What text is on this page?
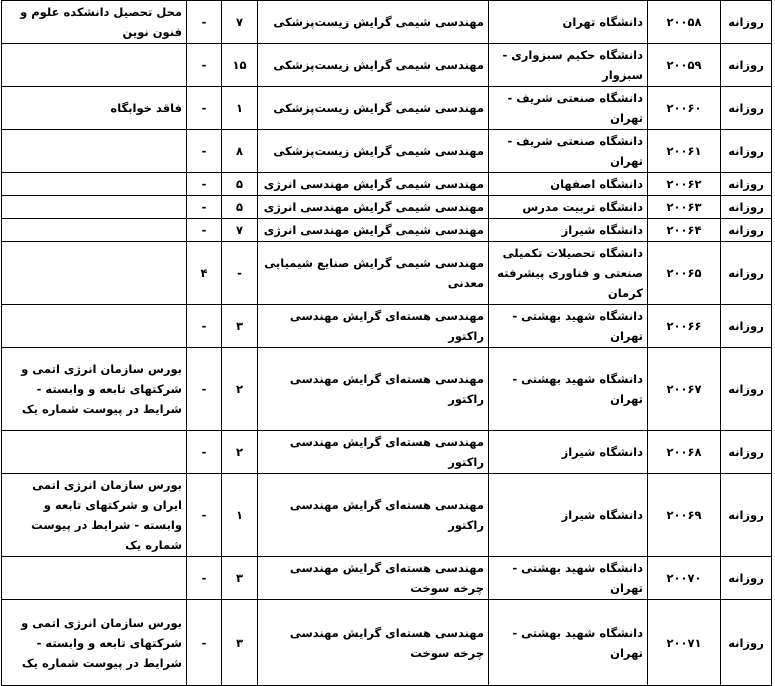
روزانه	۲۰۰۵۸	دانشگاه تهران	مهندسی شیمی گرایش زیست‌پزشکی	۷	-	محل تحصیل دانشکده علوم و فنون نوین
روزانه	۲۰۰۵۹	دانشگاه حکیم سبزواری - سبزوار	مهندسی شیمی گرایش زیست‌پزشکی	۱۵	-	
روزانه	۲۰۰۶۰	دانشگاه صنعتی شریف - تهران	مهندسی شیمی گرایش زیست‌پزشکی	۱	-	فاقد خوابگاه
روزانه	۲۰۰۶۱	دانشگاه صنعتی شریف - تهران	مهندسی شیمی گرایش زیست‌پزشکی	۸	-	
روزانه	۲۰۰۶۲	دانشگاه اصفهان	مهندسی شیمی گرایش مهندسی انرژی	۵	-	
روزانه	۲۰۰۶۳	دانشگاه تربیت مدرس	مهندسی شیمی گرایش مهندسی انرژی	۵	-	
روزانه	۲۰۰۶۴	دانشگاه شیراز	مهندسی شیمی گرایش مهندسی انرژی	۷	-	
روزانه	۲۰۰۶۵	دانشگاه تحصیلات تکمیلی صنعتی و فناوری پیشرفته کرمان	مهندسی شیمی گرایش صنایع شیمیایی معدنی	-	۴	
روزانه	۲۰۰۶۶	دانشگاه شهید بهشتی - تهران	مهندسی هسته‌ای گرایش مهندسی راکتور	۳	-	
روزانه	۲۰۰۶۷	دانشگاه شهید بهشتی - تهران	مهندسی هسته‌ای گرایش مهندسی راکتور	۲	-	بورس سازمان انرژی اتمی و شرکتهای تابعه و وابسته - شرایط در پیوست شماره یک
روزانه	۲۰۰۶۸	دانشگاه شیراز	مهندسی هسته‌ای گرایش مهندسی راکتور	۲	-	
روزانه	۲۰۰۶۹	دانشگاه شیراز	مهندسی هسته‌ای گرایش مهندسی راکتور	۱	-	بورس سازمان انرژی اتمی ایران و شرکتهای تابعه و وابسته - شرایط در پیوست شماره یک
روزانه	۲۰۰۷۰	دانشگاه شهید بهشتی - تهران	مهندسی هسته‌ای گرایش مهندسی چرخه سوخت	۳	-	
روزانه	۲۰۰۷۱	دانشگاه شهید بهشتی - تهران	مهندسی هسته‌ای گرایش مهندسی چرخه سوخت	۳	-	بورس سازمان انرژی اتمی و شرکتهای تابعه و وابسته - شرایط در پیوست شماره یک
